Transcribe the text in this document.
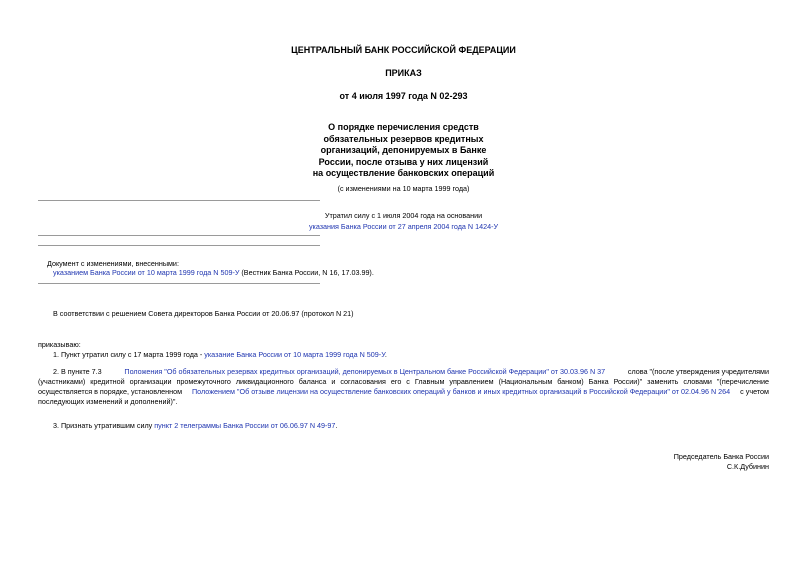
ЦЕНТРАЛЬНЫЙ БАНК РОССИЙСКОЙ ФЕДЕРАЦИИ
ПРИКАЗ
от 4 июля 1997 года N 02-293
О порядке перечисления средств
обязательных резервов кредитных
организаций, депонируемых в Банке
России, после отзыва у них лицензий
на осуществление банковских операций
(с изменениями на 10 марта 1999 года)
Утратил силу с 1 июля 2004 года на основании
указания Банка России от 27 апреля 2004 года N 1424-У
Документ с изменениями, внесенными:
указанием Банка России от 10 марта 1999 года N 509-У (Вестник Банка России, N 16, 17.03.99).
В соответствии с решением Совета директоров Банка России от 20.06.97 (протокол N 21)
приказываю:
1. Пункт утратил силу с 17 марта 1999 года - указание Банка России от 10 марта 1999 года N 509-У.
2. В пункте 7.3	Положения "Об обязательных резервах кредитных организаций, депонируемых в Центральном банке Российской Федерации" от 30.03.96 N 37	слова "(после утверждения учредителями
(участниками) кредитной организации промежуточного ликвидационного баланса и согласования его с Главным управлением (Национальным банком) Банка России)" заменить словами "(перечисление
осуществляется в порядке, установленном Положением "Об отзыве лицензии на осуществление банковских операций у банков и иных кредитных организаций в Российской Федерации" от 02.04.96 N 264 с учетом
последующих изменений и дополнений)".
3. Признать утратившим силу пункт 2 телеграммы Банка России от 06.06.97 N 49-97.
Председатель Банка России
С.К.Дубинин
